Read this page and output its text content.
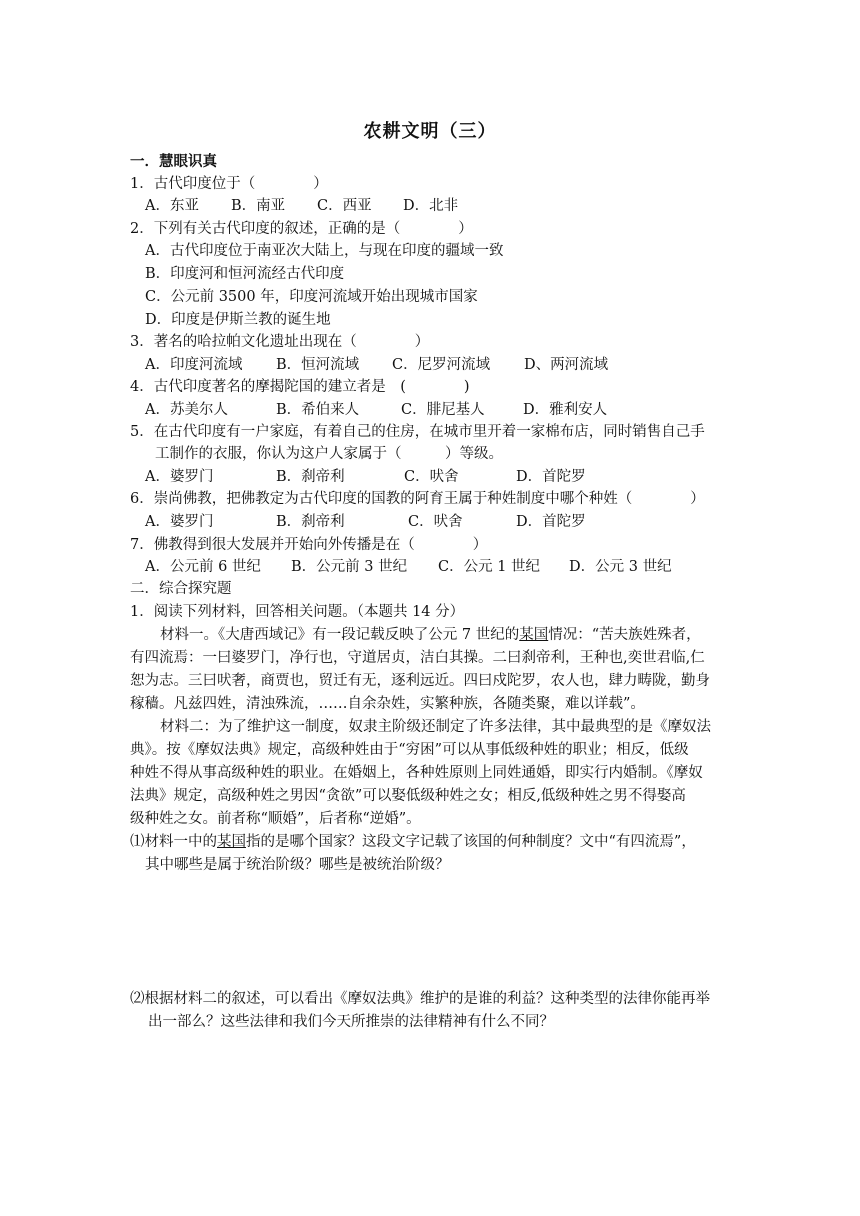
农耕文明（三）
一．慧眼识真
1．古代印度位于（　　　　）
A．东亚 B．南亚 C．西亚 D．北非
2．下列有关古代印度的叙述，正确的是（　　　　）
A．古代印度位于南亚次大陆上，与现在印度的疆域一致
B．印度河和恒河流经古代印度
C．公元前 3500 年，印度河流域开始出现城市国家
D．印度是伊斯兰教的诞生地
3．著名的哈拉帕文化遗址出现在（　　　　）
A．印度河流域 B．恒河流域 C．尼罗河流域 D、两河流域
4．古代印度著名的摩揭陀国的建立者是　(　　　　)
A．苏美尔人	B．希伯来人	C．腓尼基人	D．雅利安人
5．在古代印度有一户家庭，有着自己的住房，在城市里开着一家棉布店，同时销售自己手
工制作的衣服，你认为这户人家属于（　　　）等级。
A．婆罗门	B．刹帝利	C．吠舍	D．首陀罗
6．崇尚佛教，把佛教定为古代印度的国教的阿育王属于种姓制度中哪个种姓（　　　　）
A．婆罗门	B．刹帝利	C．吠舍	D．首陀罗
7．佛教得到很大发展并开始向外传播是在（　　　　）
A．公元前 6 世纪 B．公元前 3 世纪 C．公元 1 世纪 D．公元 3 世纪
二．综合探究题
1．阅读下列材料，回答相关问题。（本题共 14 分）
材料一。《大唐西域记》有一段记载反映了公元 7 世纪的某国情况：“苦夫族姓殊者，
有四流焉：一曰婆罗门，净行也，守道居贞，洁白其操。二曰刹帝利，王种也,奕世君临,仁
恕为志。三曰吠奢，商贾也，贸迁有无，逐利远近。四曰戍陀罗，农人也，肆力畴陇，勤身
稼穑。凡兹四姓，清浊殊流，……自余杂姓，实繁种族，各随类聚，难以详载”。
材料二：为了维护这一制度，奴隶主阶级还制定了许多法律，其中最典型的是《摩奴法
典》。按《摩奴法典》规定，高级种姓由于“穷困”可以从事低级种姓的职业；相反，低级
种姓不得从事高级种姓的职业。在婚姻上，各种姓原则上同姓通婚，即实行内婚制。《摩奴
法典》规定，高级种姓之男因“贪欲”可以娶低级种姓之女；相反,低级种姓之男不得娶高
级种姓之女。前者称“顺婚”，后者称“逆婚”。
⑴材料一中的某国指的是哪个国家？这段文字记载了该国的何种制度？文中“有四流焉”，
其中哪些是属于统治阶级？哪些是被统治阶级？
⑵根据材料二的叙述，可以看出《摩奴法典》维护的是谁的利益？这种类型的法律你能再举
出一部么？这些法律和我们今天所推崇的法律精神有什么不同？
